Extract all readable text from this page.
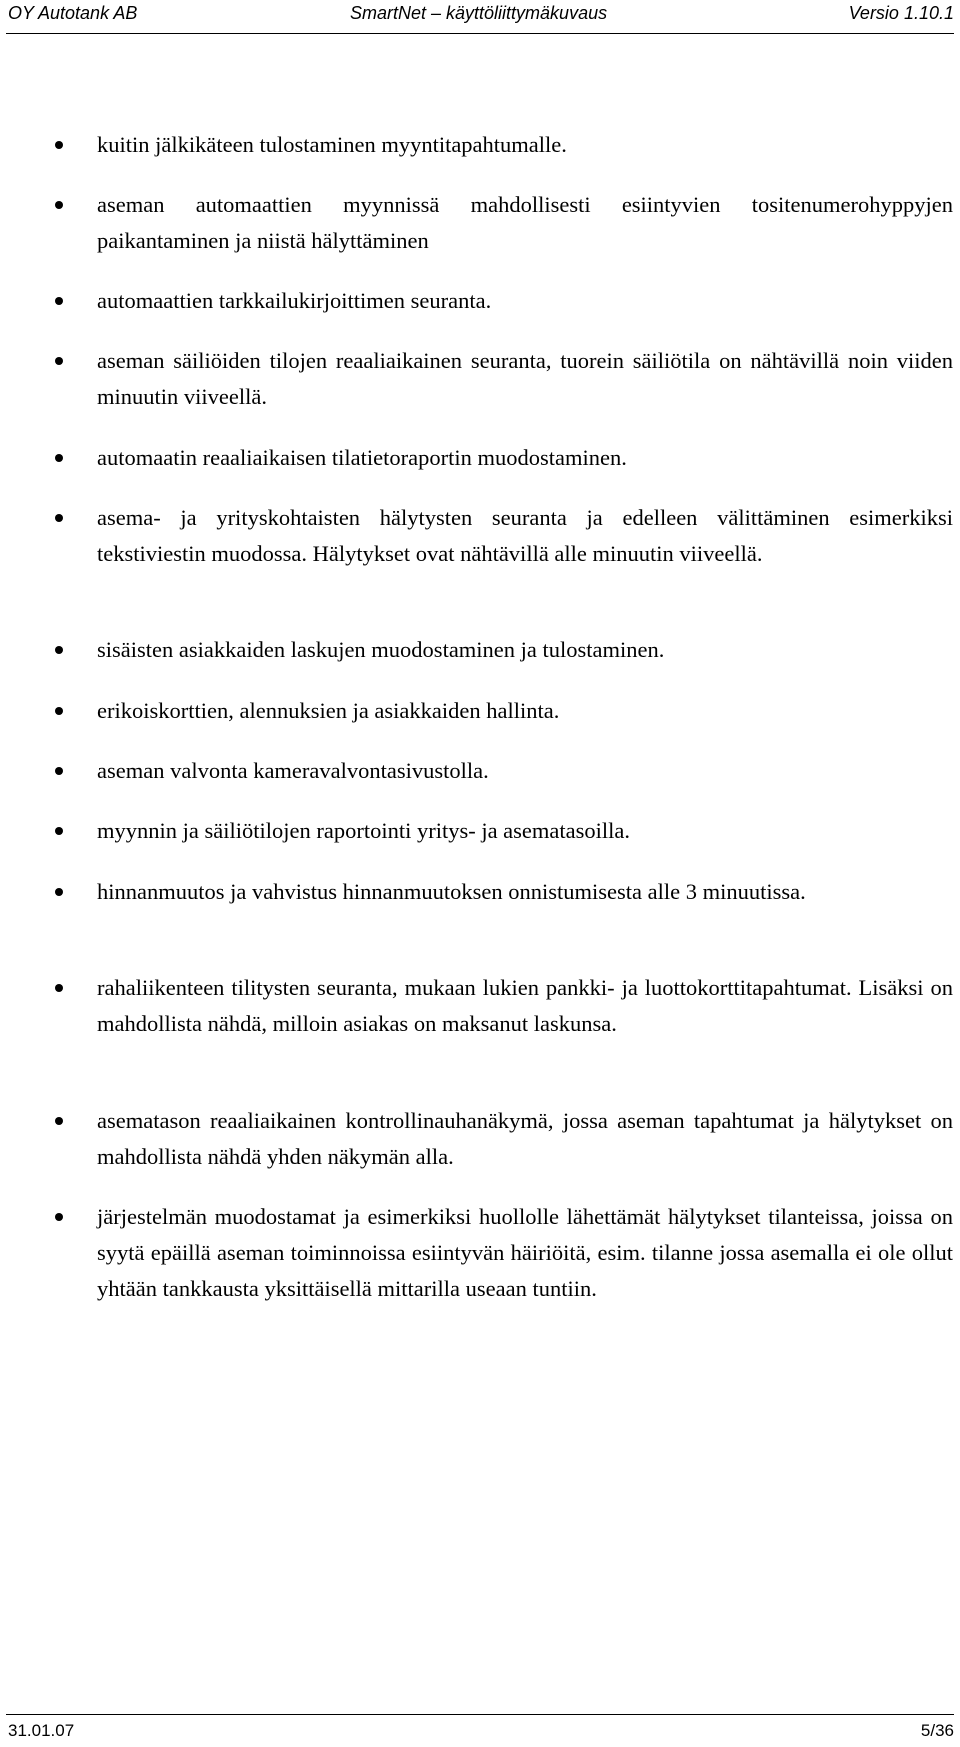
OY Autotank AB	SmartNet – käyttöliittymäkuvaus	Versio 1.10.1
kuitin jälkikäteen tulostaminen myyntitapahtumalle.
aseman automaattien myynnissä mahdollisesti esiintyvien tositenumerohyppyjen paikantaminen ja niistä hälyttäminen
automaattien tarkkailukirjoittimen seuranta.
aseman säiliöiden tilojen reaaliaikainen seuranta, tuorein säiliötila on nähtävillä noin viiden minuutin viiveellä.
automaatin reaaliaikaisen tilatietoraportin muodostaminen.
asema- ja yrityskohtaisten hälytysten seuranta ja edelleen välittäminen esimerkiksi tekstiviestin muodossa. Hälytykset ovat nähtävillä alle minuutin viiveellä.
sisäisten asiakkaiden laskujen muodostaminen ja tulostaminen.
erikoiskorttien, alennuksien ja asiakkaiden hallinta.
aseman valvonta kameravalvontasivustolla.
myynnin ja säiliötilojen raportointi yritys- ja asematasoilla.
hinnanmuutos ja vahvistus hinnanmuutoksen onnistumisesta alle 3 minuutissa.
rahaliikenteen tilitysten seuranta, mukaan lukien pankki- ja luottokorttitapahtumat. Lisäksi on mahdollista nähdä, milloin asiakas on maksanut laskunsa.
asematason reaaliaikainen kontrollinauhanäkymä, jossa aseman tapahtumat ja hälytykset on mahdollista nähdä yhden näkymän alla.
järjestelmän muodostamat ja esimerkiksi huollolle lähettämät hälytykset tilanteissa, joissa on syytä epäillä aseman toiminnoissa esiintyvän häiriöitä, esim. tilanne jossa asemalla ei ole ollut yhtään tankkausta yksittäisellä mittarilla useaan tuntiin.
31.01.07	5/36
